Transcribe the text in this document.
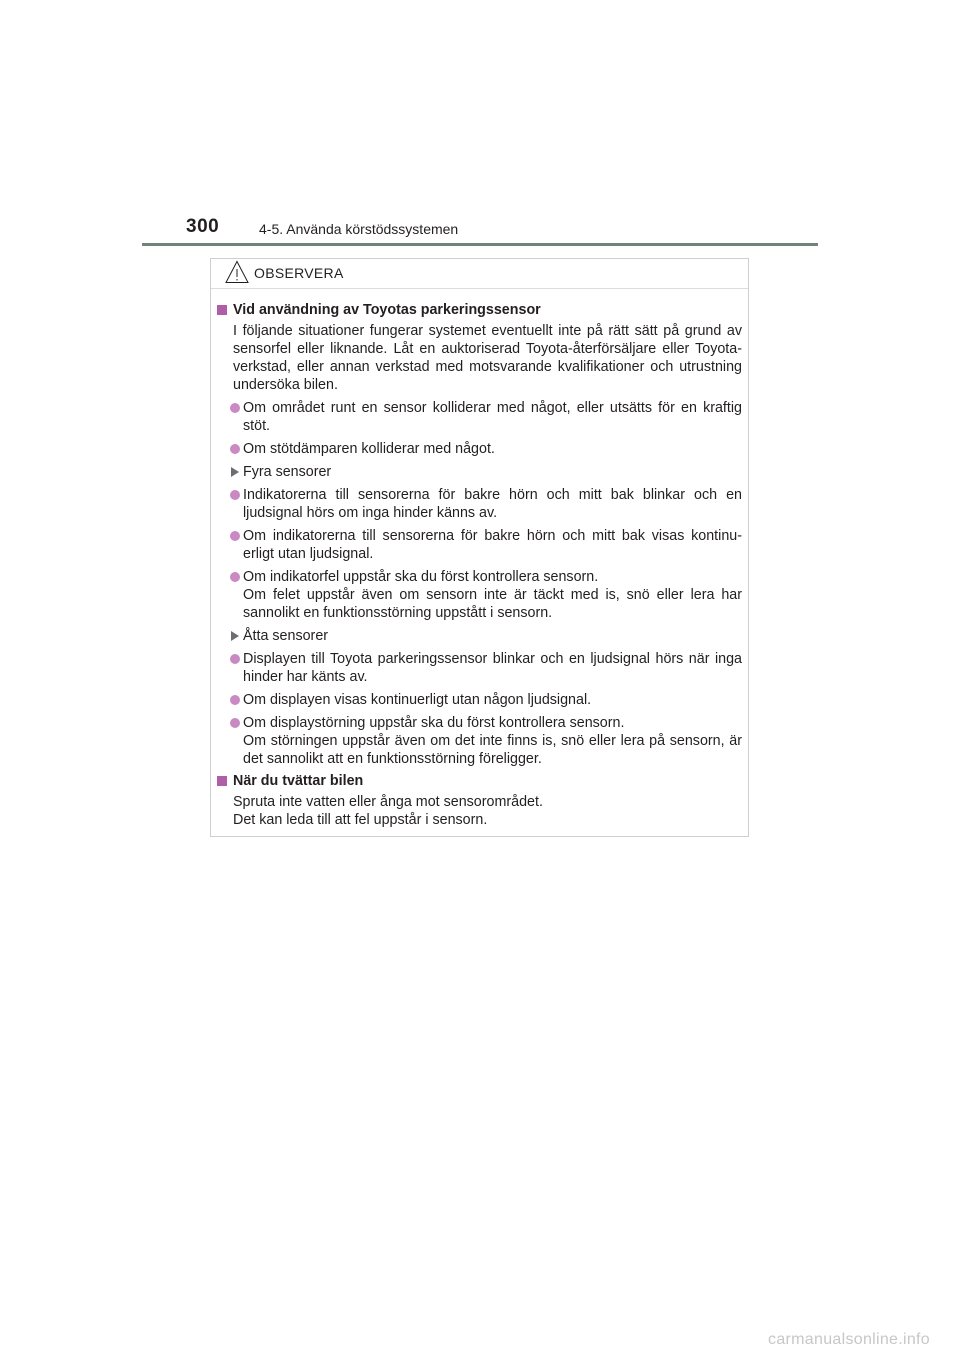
300	4-5. Använda körstödssystemen
OBSERVERA
Vid användning av Toyotas parkeringssensor
I följande situationer fungerar systemet eventuellt inte på rätt sätt på grund av sensorfel eller liknande. Låt en auktoriserad Toyota-återförsäljare eller Toyota-verkstad, eller annan verkstad med motsvarande kvalifikationer och utrustning undersöka bilen.
Om området runt en sensor kolliderar med något, eller utsätts för en kraftig stöt.
Om stötdämparen kolliderar med något.
Fyra sensorer
Indikatorerna till sensorerna för bakre hörn och mitt bak blinkar och en ljudsignal hörs om inga hinder känns av.
Om indikatorerna till sensorerna för bakre hörn och mitt bak visas kontinu-erligt utan ljudsignal.
Om indikatorfel uppstår ska du först kontrollera sensorn.
Om felet uppstår även om sensorn inte är täckt med is, snö eller lera har sannolikt en funktionsstörning uppstått i sensorn.
Åtta sensorer
Displayen till Toyota parkeringssensor blinkar och en ljudsignal hörs när inga hinder har känts av.
Om displayen visas kontinuerligt utan någon ljudsignal.
Om displaystörning uppstår ska du först kontrollera sensorn.
Om störningen uppstår även om det inte finns is, snö eller lera på sensorn, är det sannolikt att en funktionsstörning föreligger.
När du tvättar bilen
Spruta inte vatten eller ånga mot sensorområdet.
Det kan leda till att fel uppstår i sensorn.
carmanualsonline.info
